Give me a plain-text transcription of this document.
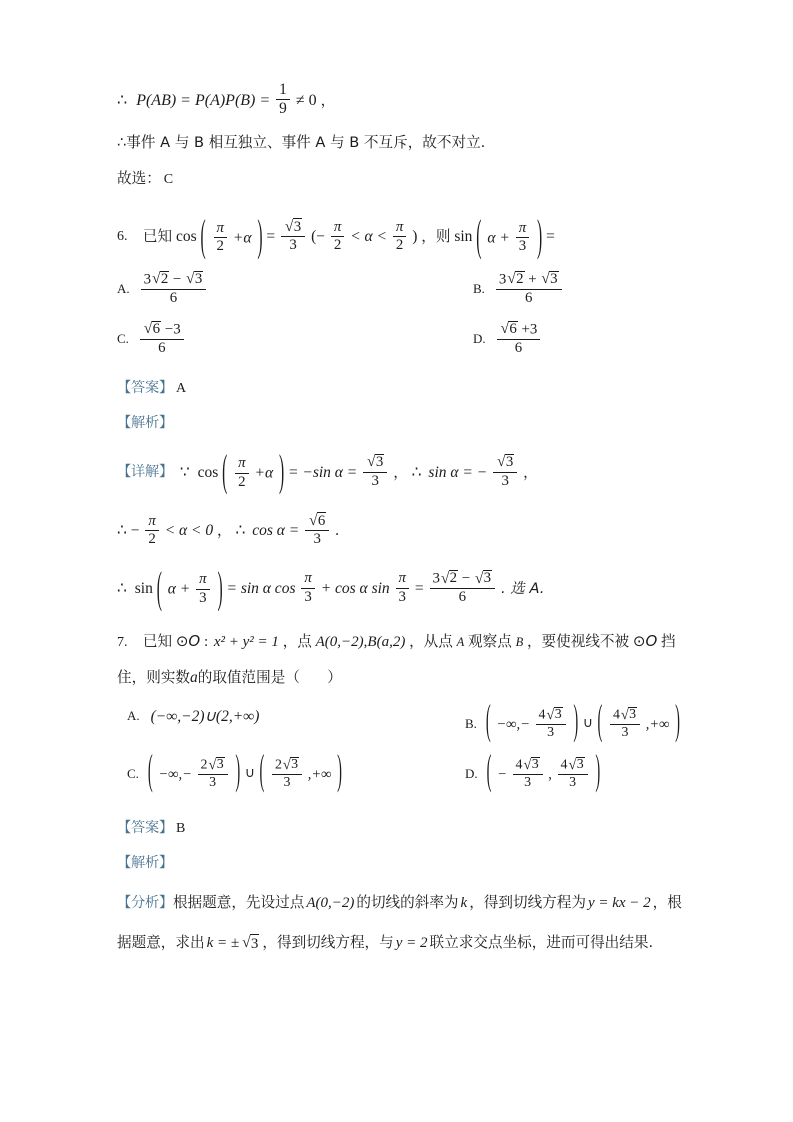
∴ $P(AB) = P(A)P(B) = \frac{1}{9} \ne 0$ ，
∴事件 A 与 B 相互独立、事件 A 与 B 不互斥，故不对立.
故选： C
6. 已知 cos ( $\frac{\pi}{2} +\alpha$ ) = $\frac{√ 3}{3}$ (− $\frac{\pi}{2} < \alpha < \frac{\pi}{2}$ ) ，则 sin ( $\alpha + \frac{\pi}{3}$ ) =
A. $\frac{3 √ 2 - √ 3}{6}$	B. $\frac{3 √ 2 + √ 3}{6}$
C. $\frac{√ 6 -3}{6}$	D. $\frac{√ 6 +3}{6}$
【答案】 A
【解析】
【详解】 ∵ cos ( $\frac{\pi}{2} +\alpha$ ) = −sin $\alpha = \frac{√ 3}{3}$ ， ∴ sin α = − $\frac{√ 3}{3}$ ，
∴ − $\frac{\pi}{2} < \alpha < 0$ ， ∴ $\cos \alpha = \frac{√ 6}{3}$ .
∴ sin ( $\alpha + \frac{\pi}{3}$ ) = sin α $\cos \frac{\pi}{3} + \cos \alpha$ $\sin \frac{\pi}{3} = \frac{3 √ 2 - √ 3}{6}$ . 选 A.
7. 已知 ⊙O : x² + y² = 1 ，点 A(0,−2),B(a,2) ，从点 A 观察点 B ，要使视线不被 ⊙O 挡
住，则实数a的取值范围是（ ）
A. (−∞,−2)∪(2,+∞)	B. ( −∞,− $\frac{4 √ 3}{3}$ ) ∪ ( $\frac{4 √ 3}{3}$ ,+∞ )
C. ( −∞,− $\frac{2 √ 3}{3}$ ) ∪ ( $\frac{2 √ 3}{3}$ ,+∞ )	D. ( − $\frac{4 √ 3}{3}$ , $\frac{4 √ 3}{3}$ )
【答案】 B
【解析】
【分析】根据题意，先设过点 A(0,−2) 的切线的斜率为 k ，得到切线方程为 y = kx − 2 ，根
据题意，求出 k = ± √ 3 ，得到切线方程，与 y = 2 联立求交点坐标，进而可得出结果.
